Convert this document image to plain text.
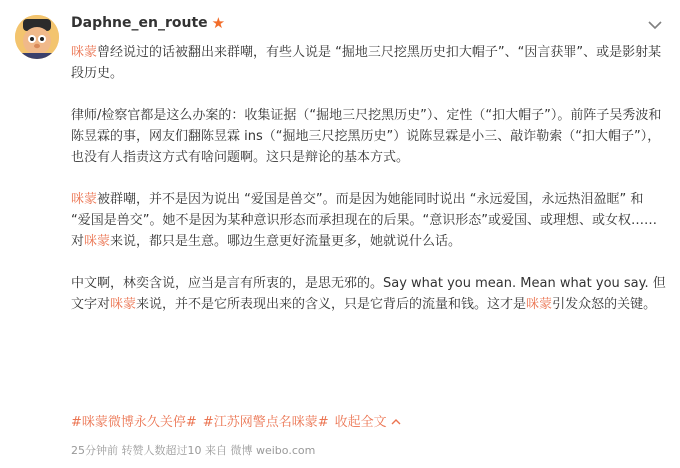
Daphne_en_route ★

咪蒙曾经说过的话被翻出来群嘲，有些人说是 “掘地三尺挖黑历史扣大帽子”、“因言获罪”、或是影射某段历史。

律师/检察官都是这么办案的：收集证据（“掘地三尺挖黑历史”）、定性（“扣大帽子”）。前阵子吴秀波和陈昱霖的事，网友们翻陈昱霖 ins（“掘地三尺挖黑历史”）说陈昱霖是小三、敲诈勒索（“扣大帽子”），也没有人指责这方式有啥问题啊。这只是辩论的基本方式。

咪蒙被群嘲，并不是因为说出 “爱国是兽交”。而是因为她能同时说出 “永远爱国，永远热泪盈眶” 和 “爱国是兽交”。她不是因为某种意识形态而承担现在的后果。“意识形态”或爱国、或理想、或女权…… 对咪蒙来说，都只是生意。哪边生意更好流量更多，她就说什么话。

中文啊，林奕含说，应当是言有所衷的，是思无邪的。Say what you mean. Mean what you say. 但文字对咪蒙来说，并不是它所表现出来的含义，只是它背后的流量和钱。这才是咪蒙引发众怒的关键。

#咪蒙微博永久关停# #江苏网警点名咪蒙# 收起全文
25分钟前 转赞人数超过10 来自 微博 weibo.com
